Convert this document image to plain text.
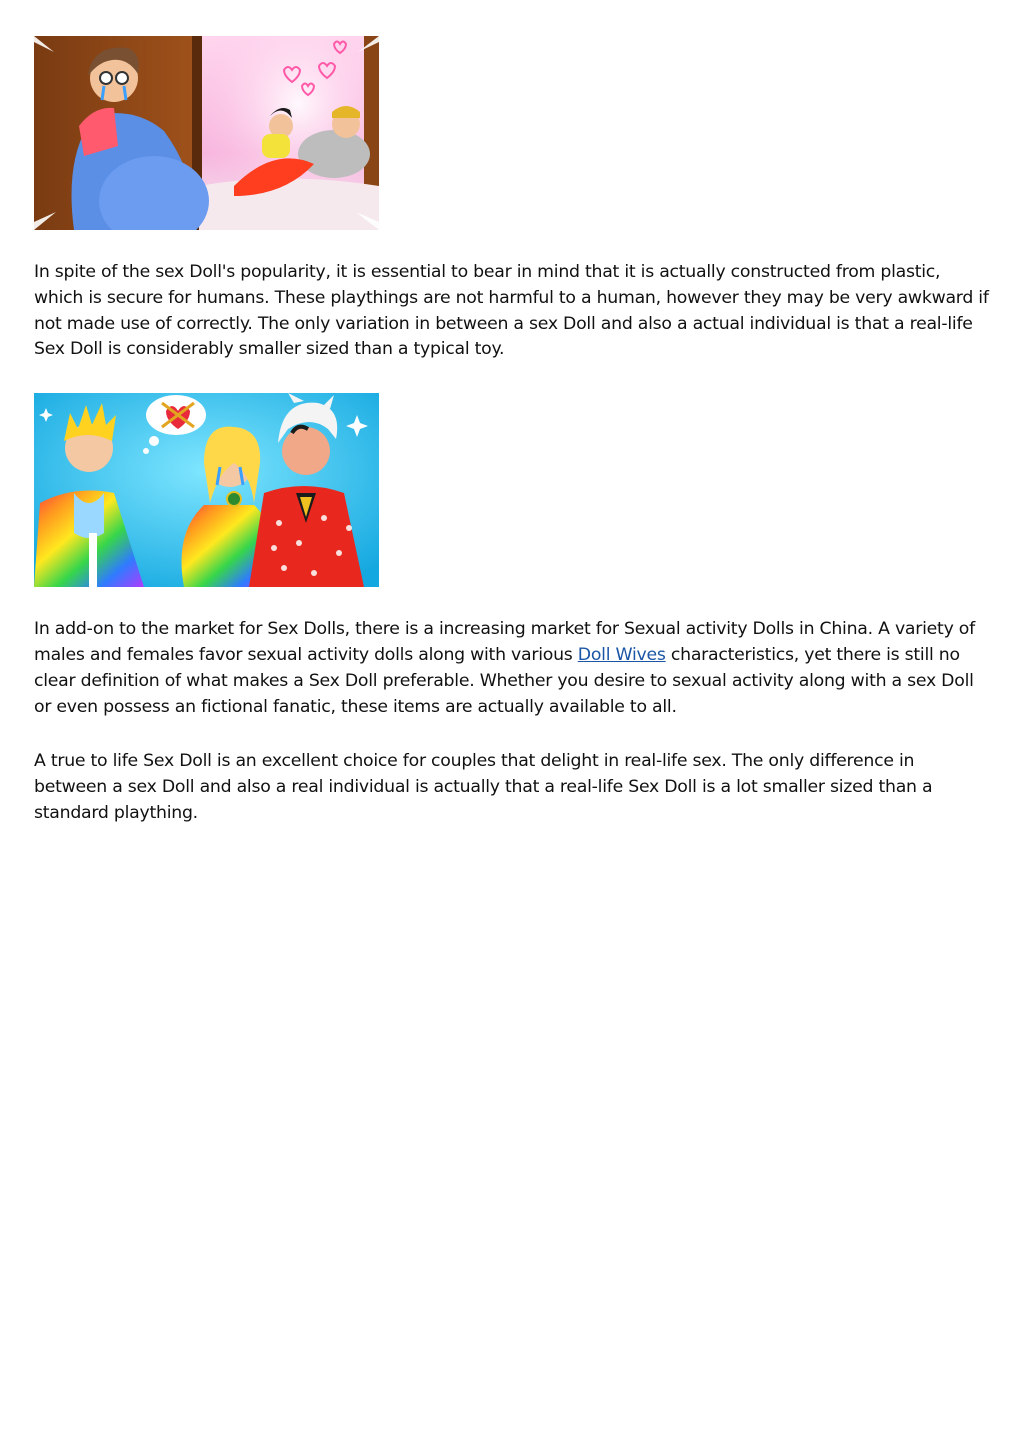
In spite of the sex Doll's popularity, it is essential to bear in mind that it is actually constructed from plastic, which is secure for humans. These playthings are not harmful to a human, however they may be very awkward if not made use of correctly. The only variation in between a sex Doll and also a actual individual is that a real-life Sex Doll is considerably smaller sized than a typical toy.

In add-on to the market for Sex Dolls, there is a increasing market for Sexual activity Dolls in China. A variety of males and females favor sexual activity dolls along with various Doll Wives characteristics, yet there is still no clear definition of what makes a Sex Doll preferable. Whether you desire to sexual activity along with a sex Doll or even possess an fictional fanatic, these items are actually available to all.

A true to life Sex Doll is an excellent choice for couples that delight in real-life sex. The only difference in between a sex Doll and also a real individual is actually that a real-life Sex Doll is a lot smaller sized than a standard plaything.
